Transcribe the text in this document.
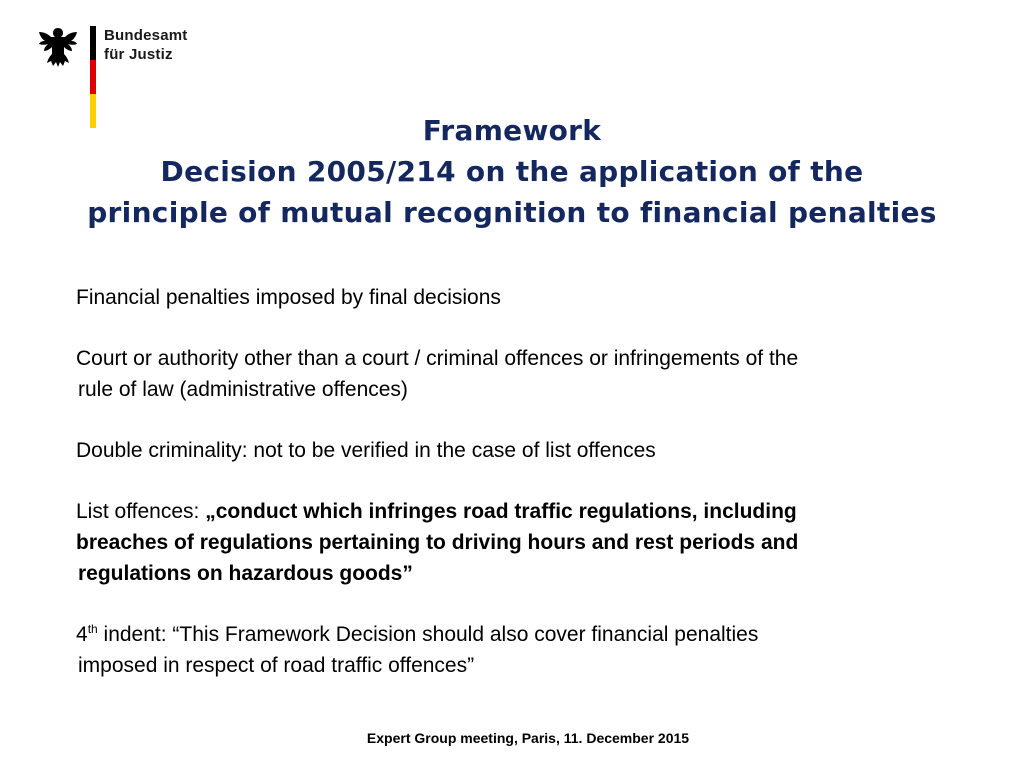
Bundesamt
für Justiz
Framework
Decision 2005/214 on the application of the
principle of mutual recognition to financial penalties
Financial penalties imposed by final decisions
Court or authority other than a court / criminal offences or infringements of the
rule of law (administrative offences)
Double criminality: not to be verified in the case of list offences
List offences: „conduct which infringes road traffic regulations, including
breaches of regulations pertaining to driving hours and rest periods and
regulations on hazardous goods”
4th indent: “This Framework Decision should also cover financial penalties
imposed in respect of road traffic offences”
Expert Group meeting, Paris, 11. December 2015
